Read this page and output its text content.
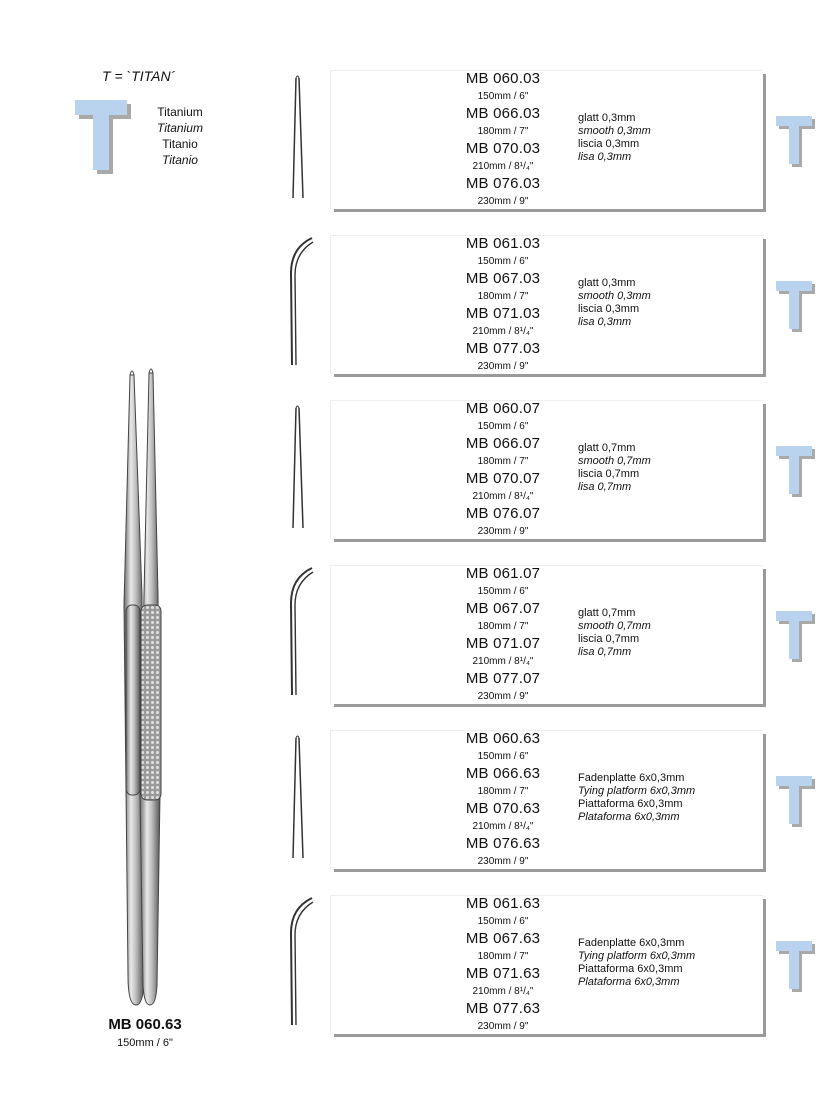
T = `TITAN´
Titanium
Titanium
Titanio
Titanio
MB 060.63
150mm / 6"
MB 060.03
150mm / 6"
MB 066.03
180mm / 7"
MB 070.03
210mm / 8¹/₄"
MB 076.03
230mm / 9"
glatt 0,3mm
smooth 0,3mm
liscia 0,3mm
lisa 0,3mm
MB 061.03
150mm / 6"
MB 067.03
180mm / 7"
MB 071.03
210mm / 8¹/₄"
MB 077.03
230mm / 9"
glatt 0,3mm
smooth 0,3mm
liscia 0,3mm
lisa 0,3mm
MB 060.07
150mm / 6"
MB 066.07
180mm / 7"
MB 070.07
210mm / 8¹/₄"
MB 076.07
230mm / 9"
glatt 0,7mm
smooth 0,7mm
liscia 0,7mm
lisa 0,7mm
MB 061.07
150mm / 6"
MB 067.07
180mm / 7"
MB 071.07
210mm / 8¹/₄"
MB 077.07
230mm / 9"
glatt 0,7mm
smooth 0,7mm
liscia 0,7mm
lisa 0,7mm
MB 060.63
150mm / 6"
MB 066.63
180mm / 7"
MB 070.63
210mm / 8¹/₄"
MB 076.63
230mm / 9"
Fadenplatte 6x0,3mm
Tying platform 6x0,3mm
Piattaforma 6x0,3mm
Plataforma 6x0,3mm
MB 061.63
150mm / 6"
MB 067.63
180mm / 7"
MB 071.63
210mm / 8¹/₄"
MB 077.63
230mm / 9"
Fadenplatte 6x0,3mm
Tying platform 6x0,3mm
Piattaforma 6x0,3mm
Plataforma 6x0,3mm
